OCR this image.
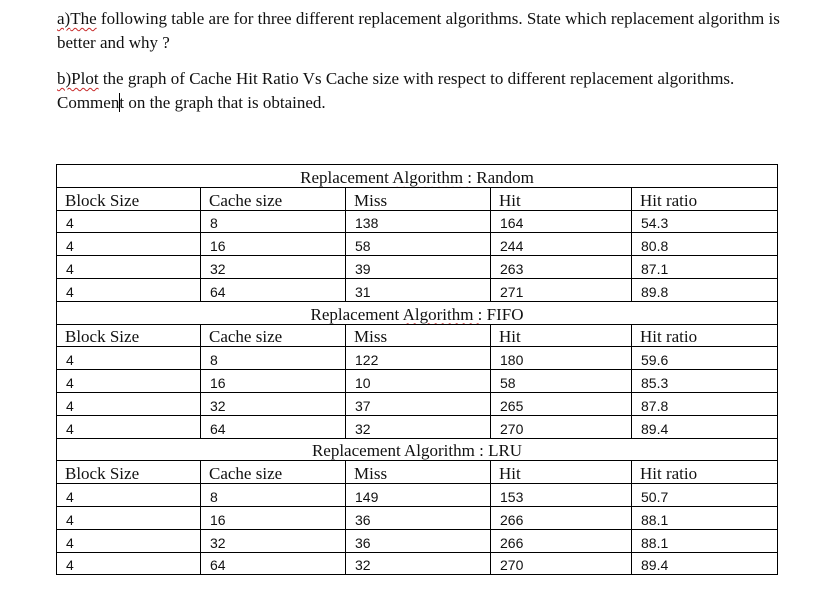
a)The following table are for three different replacement algorithms. State which replacement algorithm is better and why ?

b)Plot the graph of Cache Hit Ratio Vs Cache size with respect to different replacement algorithms. Comment on the graph that is obtained.

Replacement Algorithm : Random				
Block Size	Cache size	Miss	Hit	Hit ratio
4	8	138	164	54.3
4	16	58	244	80.8
4	32	39	263	87.1
4	64	31	271	89.8
Replacement Algorithm : FIFO				
Block Size	Cache size	Miss	Hit	Hit ratio
4	8	122	180	59.6
4	16	10	58	85.3
4	32	37	265	87.8
4	64	32	270	89.4
Replacement Algorithm : LRU				
Block Size	Cache size	Miss	Hit	Hit ratio
4	8	149	153	50.7
4	16	36	266	88.1
4	32	36	266	88.1
4	64	32	270	89.4
